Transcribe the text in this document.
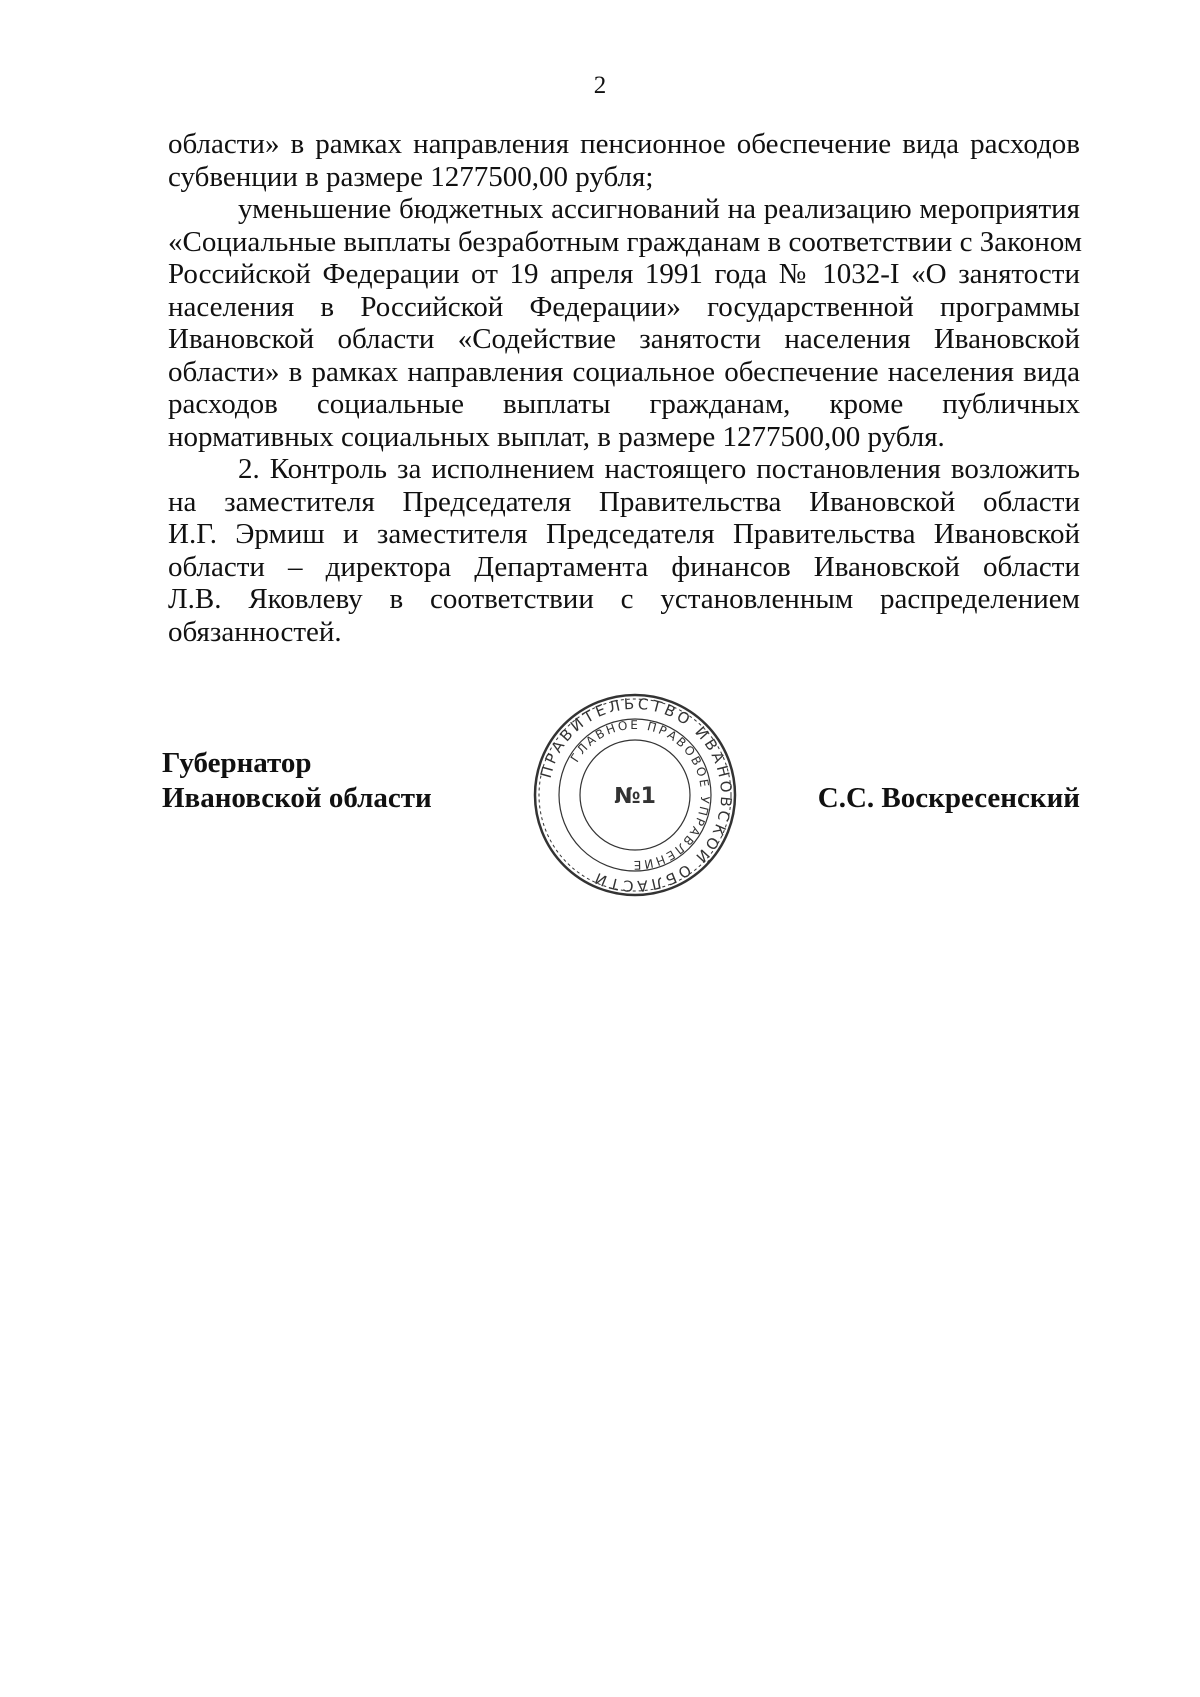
2
области» в рамках направления пенсионное обеспечение вида расходов
субвенции в размере 1277500,00 рубля;
уменьшение бюджетных ассигнований на реализацию мероприятия
«Социальные выплаты безработным гражданам в соответствии с Законом
Российской Федерации от 19 апреля 1991 года № 1032-I «О занятости
населения в Российской Федерации» государственной программы
Ивановской области «Содействие занятости населения Ивановской
области» в рамках направления социальное обеспечение населения вида
расходов социальные выплаты гражданам, кроме публичных
нормативных социальных выплат, в размере 1277500,00 рубля.
2. Контроль за исполнением настоящего постановления возложить
на заместителя Председателя Правительства Ивановской области
И.Г. Эрмиш и заместителя Председателя Правительства Ивановской
области – директора Департамента финансов Ивановской области
Л.В. Яковлеву в соответствии с установленным распределением
обязанностей.
Губернатор
Ивановской области
ПРАВИТЕЛЬСТВО ИВАНОВСКОЙ ОБЛАСТИ
ГЛАВНОЕ ПРАВОВОЕ УПРАВЛЕНИЕ
№1	С.С. Воскресенский
